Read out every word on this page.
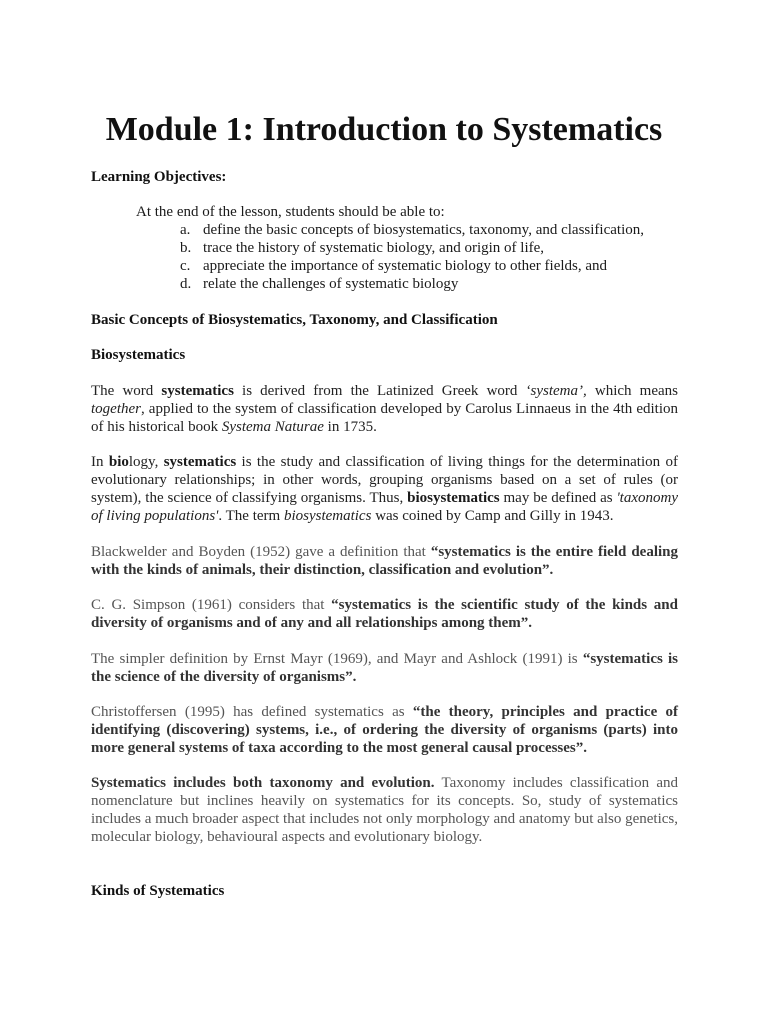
Module 1: Introduction to Systematics
Learning Objectives:

At the end of the lesson, students should be able to:

a. define the basic concepts of biosystematics, taxonomy, and classification,
b. trace the history of systematic biology, and origin of life,
c. appreciate the importance of systematic biology to other fields, and
d. relate the challenges of systematic biology
Basic Concepts of Biosystematics, Taxonomy, and Classification
Biosystematics

The word systematics is derived from the Latinized Greek word ‘systema’, which means together, applied to the system of classification developed by Carolus Linnaeus in the 4th edition of his historical book Systema Naturae in 1735.

In biology, systematics is the study and classification of living things for the determination of evolutionary relationships; in other words, grouping organisms based on a set of rules (or system), the science of classifying organisms. Thus, biosystematics may be defined as 'taxonomy of living populations'. The term biosystematics was coined by Camp and Gilly in 1943.

Blackwelder and Boyden (1952) gave a definition that “systematics is the entire field dealing with the kinds of animals, their distinction, classification and evolution”.

C. G. Simpson (1961) considers that “systematics is the scientific study of the kinds and diversity of organisms and of any and all relationships among them”.

The simpler definition by Ernst Mayr (1969), and Mayr and Ashlock (1991) is “systematics is the science of the diversity of organisms”.

Christoffersen (1995) has defined systematics as “the theory, principles and practice of identifying (discovering) systems, i.e., of ordering the diversity of organisms (parts) into more general systems of taxa according to the most general causal processes”.

Systematics includes both taxonomy and evolution. Taxonomy includes classification and nomenclature but inclines heavily on systematics for its concepts. So, study of systematics includes a much broader aspect that includes not only morphology and anatomy but also genetics, molecular biology, behavioural aspects and evolutionary biology.

Kinds of Systematics
